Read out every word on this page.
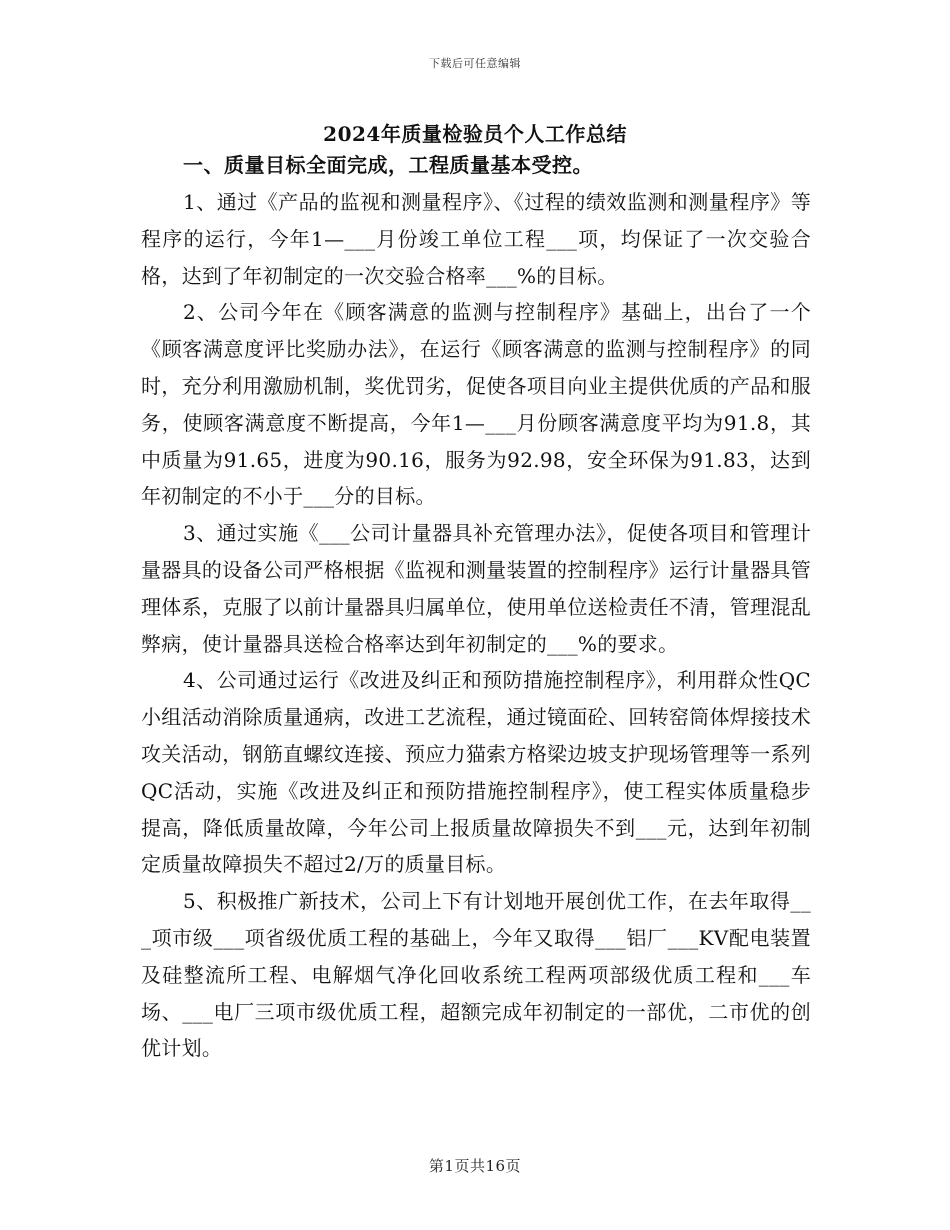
下载后可任意编辑
2024年质量检验员个人工作总结

一、质量目标全面完成，工程质量基本受控。

1、通过《产品的监视和测量程序》、《过程的绩效监测和测量程序》等程序的运行，今年1—___月份竣工单位工程___项，均保证了一次交验合格，达到了年初制定的一次交验合格率___%的目标。

2、公司今年在《顾客满意的监测与控制程序》基础上，出台了一个《顾客满意度评比奖励办法》，在运行《顾客满意的监测与控制程序》的同时，充分利用激励机制，奖优罚劣，促使各项目向业主提供优质的产品和服务，使顾客满意度不断提高，今年1—___月份顾客满意度平均为91.8，其中质量为91.65，进度为90.16，服务为92.98，安全环保为91.83，达到年初制定的不小于___分的目标。

3、通过实施《___公司计量器具补充管理办法》，促使各项目和管理计量器具的设备公司严格根据《监视和测量装置的控制程序》运行计量器具管理体系，克服了以前计量器具归属单位，使用单位送检责任不清，管理混乱弊病，使计量器具送检合格率达到年初制定的___%的要求。

4、公司通过运行《改进及纠正和预防措施控制程序》，利用群众性QC小组活动消除质量通病，改进工艺流程，通过镜面砼、回转窑筒体焊接技术攻关活动，钢筋直螺纹连接、预应力猫索方格梁边坡支护现场管理等一系列QC活动，实施《改进及纠正和预防措施控制程序》，使工程实体质量稳步提高，降低质量故障，今年公司上报质量故障损失不到___元，达到年初制定质量故障损失不超过2/万的质量目标。

5、积极推广新技术，公司上下有计划地开展创优工作，在去年取得___项市级___项省级优质工程的基础上，今年又取得___铝厂___KV配电装置及硅整流所工程、电解烟气净化回收系统工程两项部级优质工程和___车场、___电厂三项市级优质工程，超额完成年初制定的一部优，二市优的创优计划。

第1页共16页
